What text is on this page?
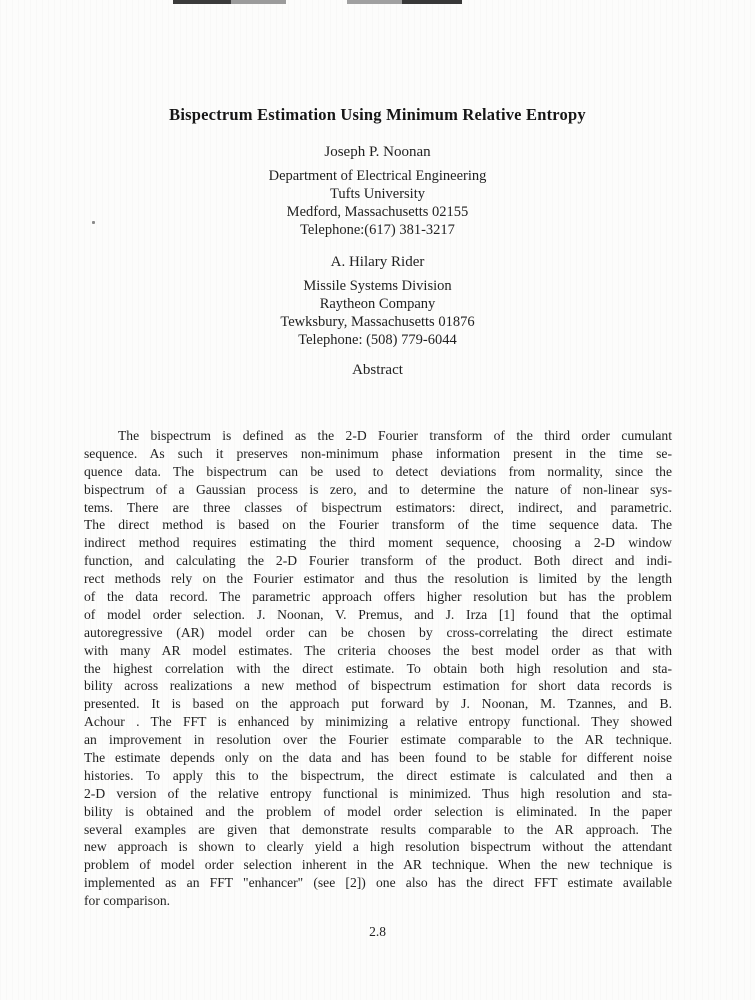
Bispectrum Estimation Using Minimum Relative Entropy
Joseph P. Noonan
Department of Electrical Engineering
Tufts University
Medford, Massachusetts 02155
Telephone:(617) 381-3217
A. Hilary Rider
Missile Systems Division
Raytheon Company
Tewksbury, Massachusetts 01876
Telephone: (508) 779-6044
Abstract
The bispectrum is defined as the 2-D Fourier transform of the third order cumulant
sequence. As such it preserves non-minimum phase information present in the time se-
quence data. The bispectrum can be used to detect deviations from normality, since the
bispectrum of a Gaussian process is zero, and to determine the nature of non-linear sys-
tems. There are three classes of bispectrum estimators: direct, indirect, and parametric.
The direct method is based on the Fourier transform of the time sequence data. The
indirect method requires estimating the third moment sequence, choosing a 2-D window
function, and calculating the 2-D Fourier transform of the product. Both direct and indi-
rect methods rely on the Fourier estimator and thus the resolution is limited by the length
of the data record. The parametric approach offers higher resolution but has the problem
of model order selection. J. Noonan, V. Premus, and J. Irza [1] found that the optimal
autoregressive (AR) model order can be chosen by cross-correlating the direct estimate
with many AR model estimates. The criteria chooses the best model order as that with
the highest correlation with the direct estimate. To obtain both high resolution and sta-
bility across realizations a new method of bispectrum estimation for short data records is
presented. It is based on the approach put forward by J. Noonan, M. Tzannes, and B.
Achour . The FFT is enhanced by minimizing a relative entropy functional. They showed
an improvement in resolution over the Fourier estimate comparable to the AR technique.
The estimate depends only on the data and has been found to be stable for different noise
histories. To apply this to the bispectrum, the direct estimate is calculated and then a
2-D version of the relative entropy functional is minimized. Thus high resolution and sta-
bility is obtained and the problem of model order selection is eliminated. In the paper
several examples are given that demonstrate results comparable to the AR approach. The
new approach is shown to clearly yield a high resolution bispectrum without the attendant
problem of model order selection inherent in the AR technique. When the new technique is
implemented as an FFT "enhancer" (see [2]) one also has the direct FFT estimate available
for comparison.
2.8
